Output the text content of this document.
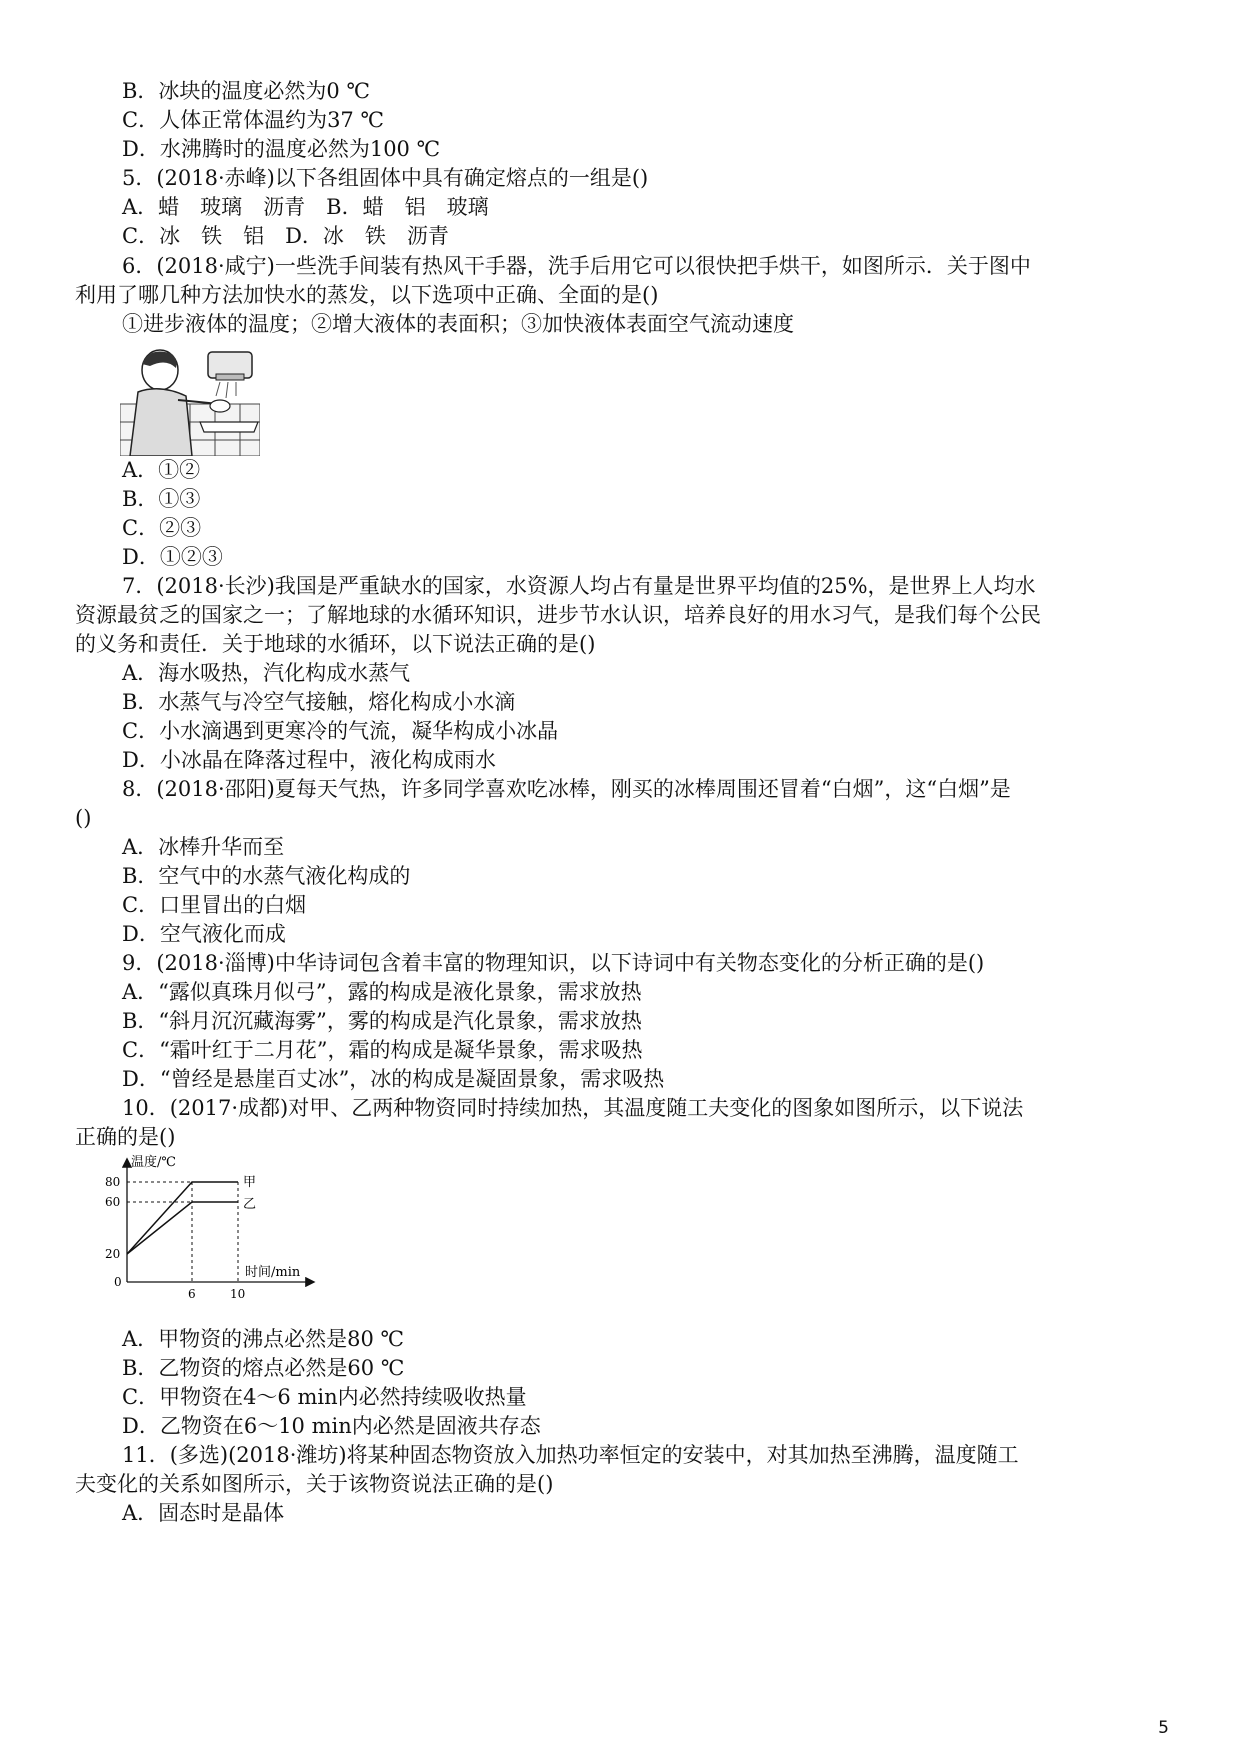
B．冰块的温度必然为0 ℃
C．人体正常体温约为37 ℃
D．水沸腾时的温度必然为100 ℃
5．(2018·赤峰)以下各组固体中具有确定熔点的一组是()
A．蜡　玻璃　沥青　B．蜡　铝　玻璃
C．冰　铁　铝　D．冰　铁　沥青
6．(2018·咸宁)一些洗手间装有热风干手器，洗手后用它可以很快把手烘干，如图所示．关于图中
利用了哪几种方法加快水的蒸发，以下选项中正确、全面的是()
①进步液体的温度；②增大液体的表面积；③加快液体表面空气流动速度
A．①②
B．①③
C．②③
D．①②③
7．(2018·长沙)我国是严重缺水的国家，水资源人均占有量是世界平均值的25%，是世界上人均水
资源最贫乏的国家之一；了解地球的水循环知识，进步节水认识，培养良好的用水习气，是我们每个公民
的义务和责任．关于地球的水循环，以下说法正确的是()
A．海水吸热，汽化构成水蒸气
B．水蒸气与冷空气接触，熔化构成小水滴
C．小水滴遇到更寒冷的气流，凝华构成小冰晶
D．小冰晶在降落过程中，液化构成雨水
8．(2018·邵阳)夏每天气热，许多同学喜欢吃冰棒，刚买的冰棒周围还冒着“白烟”，这“白烟”是
()
A．冰棒升华而至
B．空气中的水蒸气液化构成的
C．口里冒出的白烟
D．空气液化而成
9．(2018·淄博)中华诗词包含着丰富的物理知识，以下诗词中有关物态变化的分析正确的是()
A．“露似真珠月似弓”，露的构成是液化景象，需求放热
B．“斜月沉沉藏海雾”，雾的构成是汽化景象，需求放热
C．“霜叶红于二月花”，霜的构成是凝华景象，需求吸热
D．“曾经是悬崖百丈冰”，冰的构成是凝固景象，需求吸热
10．(2017·成都)对甲、乙两种物资同时持续加热，其温度随工夫变化的图象如图所示，以下说法
正确的是()
温度/℃
时间/min
80
60
20
0
6	10
甲
乙
A．甲物资的沸点必然是80 ℃
B．乙物资的熔点必然是60 ℃
C．甲物资在4～6 min内必然持续吸收热量
D．乙物资在6～10 min内必然是固液共存态
11．(多选)(2018·潍坊)将某种固态物资放入加热功率恒定的安装中，对其加热至沸腾，温度随工
夫变化的关系如图所示，关于该物资说法正确的是()
A．固态时是晶体
5
